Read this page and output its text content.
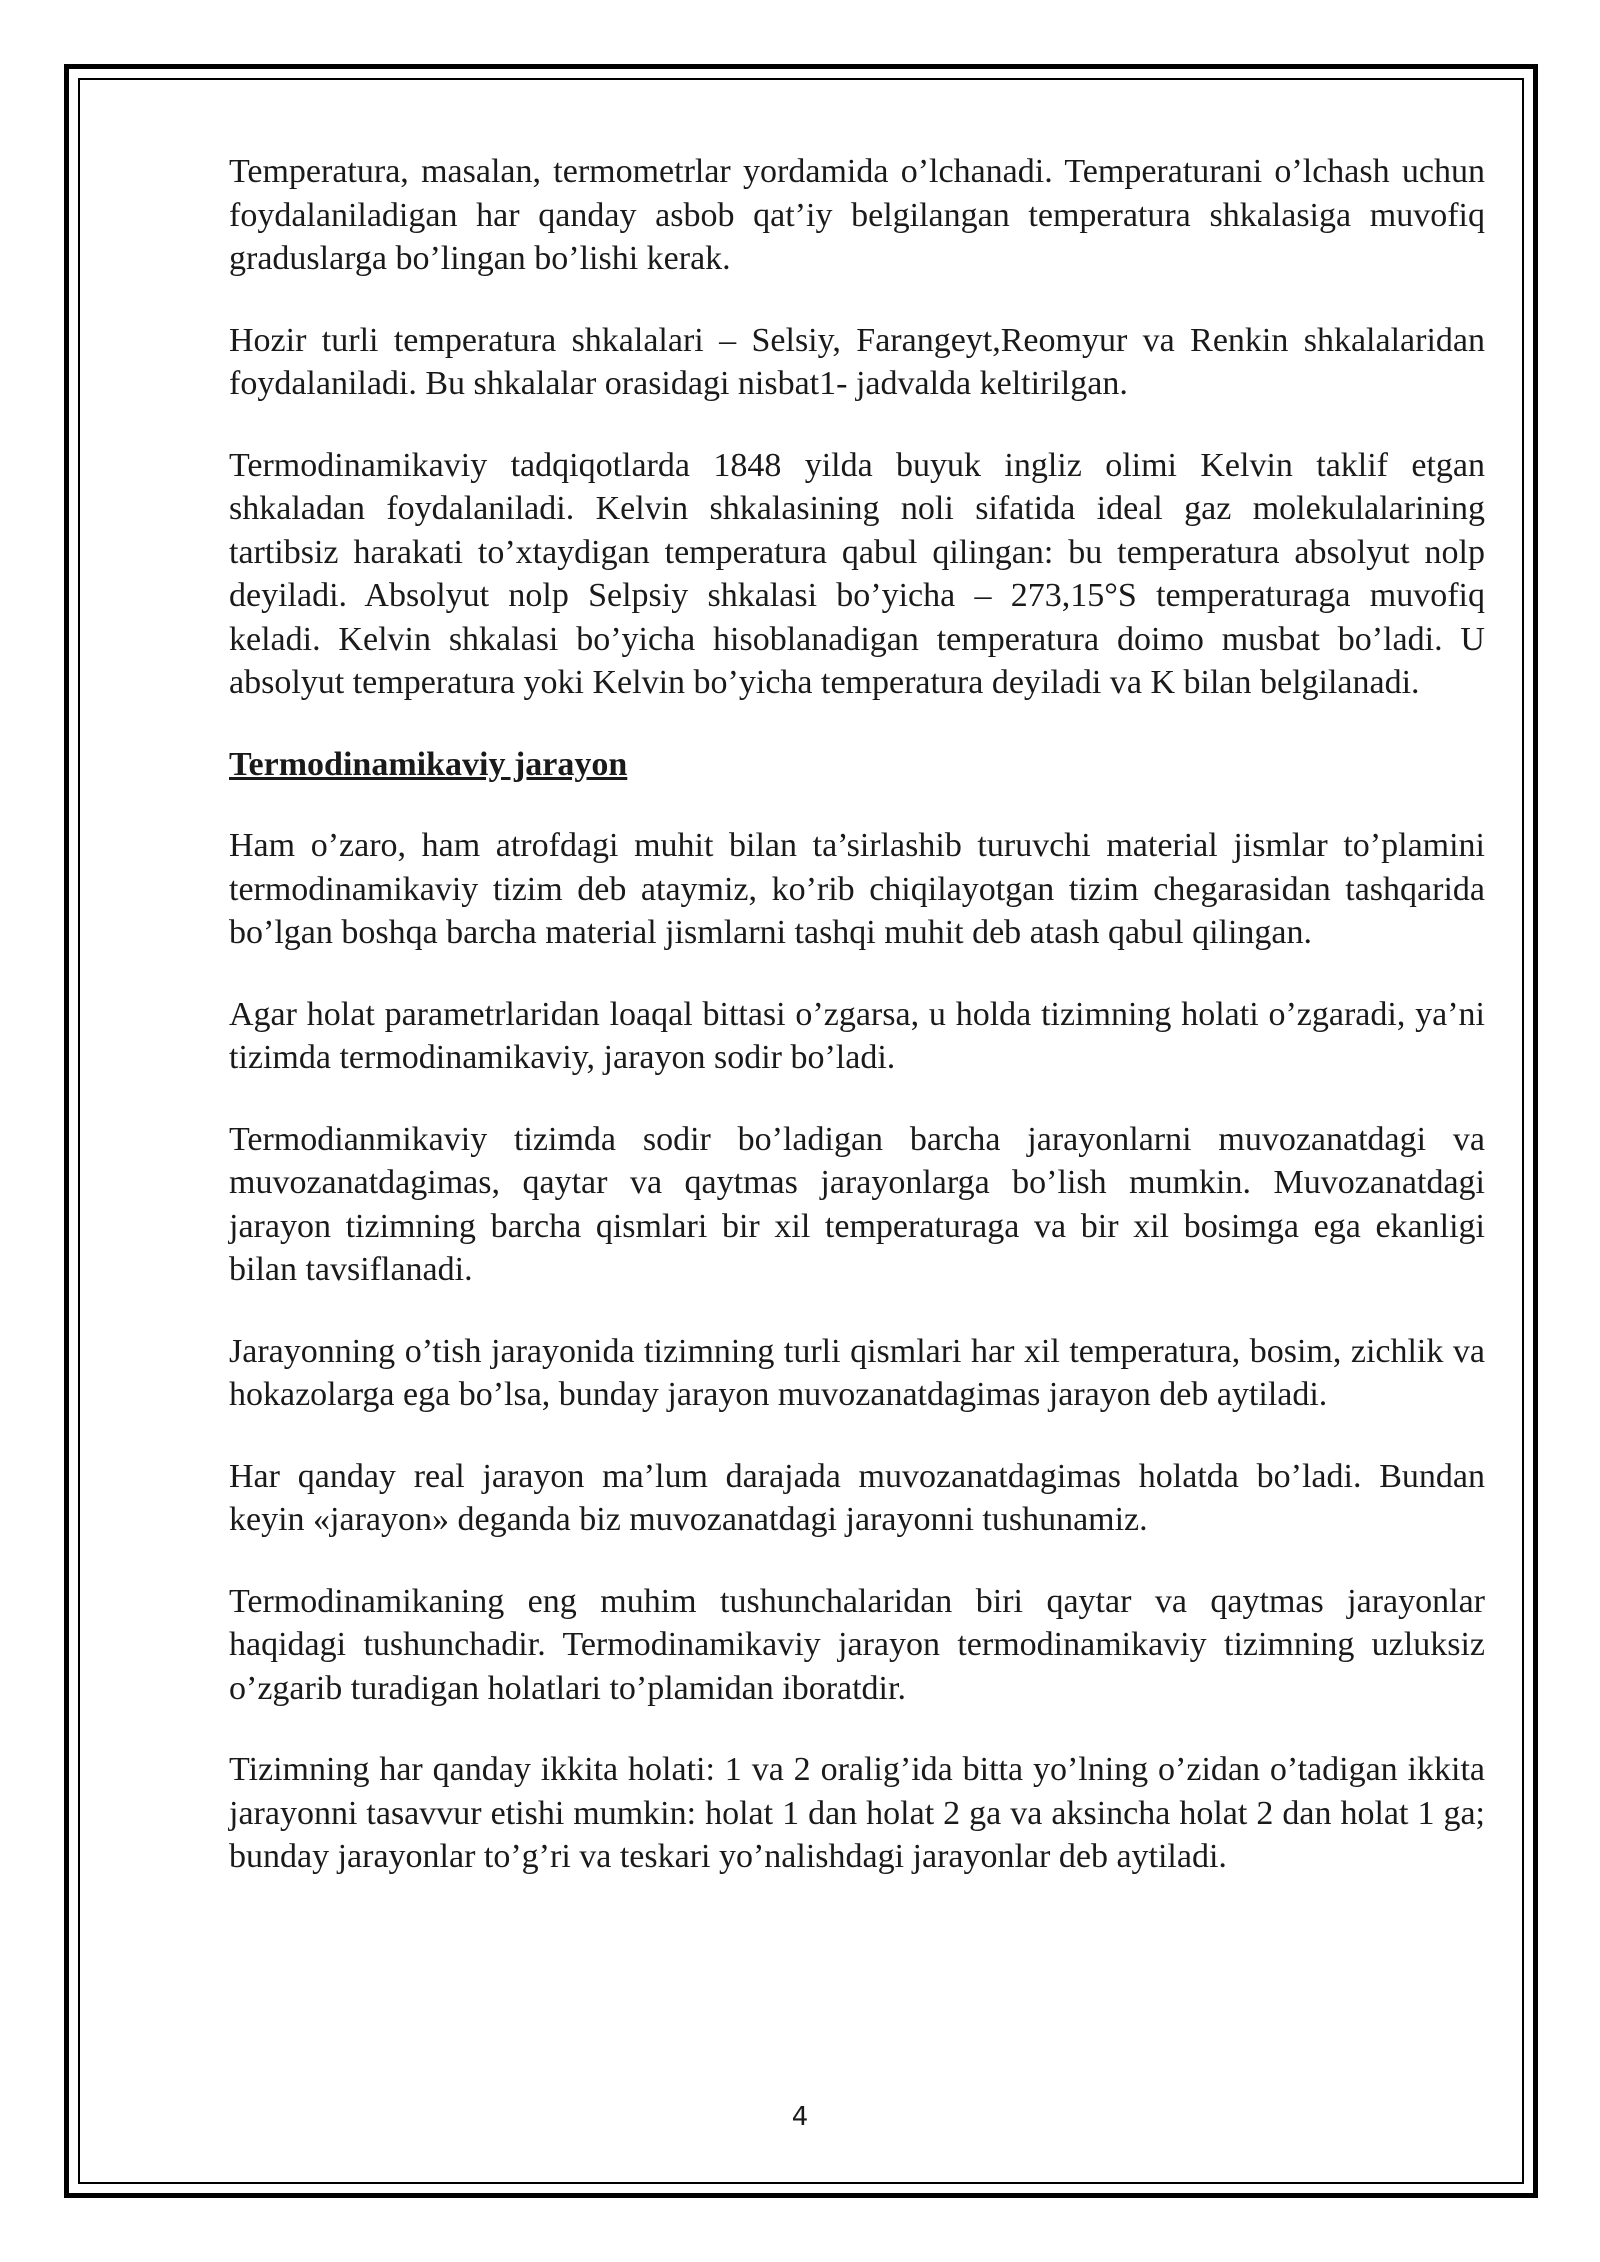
Temperatura, masalan, termometrlar yordamida o’lchanadi. Temperaturani o’lchash uchun foydalaniladigan har qanday asbob qat’iy belgilangan temperatura shkalasiga muvofiq graduslarga bo’lingan bo’lishi kerak.

Hozir turli temperatura shkalalari – Selsiy, Farangeyt,Reomyur va Renkin shkalalaridan foydalaniladi. Bu shkalalar orasidagi nisbat1- jadvalda keltirilgan.

Termodinamikaviy tadqiqotlarda 1848 yilda buyuk ingliz olimi Kelvin taklif etgan shkaladan foydalaniladi. Kelvin shkalasining noli sifatida ideal gaz molekulalarining tartibsiz harakati to’xtaydigan temperatura qabul qilingan: bu temperatura absolyut nolp deyiladi. Absolyut nolp Selpsiy shkalasi bo’yicha – 273,15°S temperaturaga muvofiq keladi. Kelvin shkalasi bo’yicha hisoblanadigan temperatura doimo musbat bo’ladi. U absolyut temperatura yoki Kelvin bo’yicha temperatura deyiladi va K bilan belgilanadi.

Termodinamikaviy jarayon

Ham o’zaro, ham atrofdagi muhit bilan ta’sirlashib turuvchi material jismlar to’plamini termodinamikaviy tizim deb ataymiz, ko’rib chiqilayotgan tizim chegarasidan tashqarida bo’lgan boshqa barcha material jismlarni tashqi muhit deb atash qabul qilingan.

Agar holat parametrlaridan loaqal bittasi o’zgarsa, u holda tizimning holati o’zgaradi, ya’ni tizimda termodinamikaviy, jarayon sodir bo’ladi.

Termodianmikaviy tizimda sodir bo’ladigan barcha jarayonlarni muvozanatdagi va muvozanatdagimas, qaytar va qaytmas jarayonlarga bo’lish mumkin. Muvozanatdagi jarayon tizimning barcha qismlari bir xil temperaturaga va bir xil bosimga ega ekanligi bilan tavsiflanadi.

Jarayonning o’tish jarayonida tizimning turli qismlari har xil temperatura, bosim, zichlik va hokazolarga ega bo’lsa, bunday jarayon muvozanatdagimas jarayon deb aytiladi.

Har qanday real jarayon ma’lum darajada muvozanatdagimas holatda bo’ladi. Bundan keyin «jarayon» deganda biz muvozanatdagi jarayonni tushunamiz.

Termodinamikaning eng muhim tushunchalaridan biri qaytar va qaytmas jarayonlar haqidagi tushunchadir. Termodinamikaviy jarayon termodinamikaviy tizimning uzluksiz o’zgarib turadigan holatlari to’plamidan iboratdir.

Tizimning har qanday ikkita holati: 1 va 2 oralig’ida bitta yo’lning o’zidan o’tadigan ikkita jarayonni tasavvur etishi mumkin: holat 1 dan holat 2 ga va aksincha holat 2 dan holat 1 ga; bunday jarayonlar to’g’ri va teskari yo’nalishdagi jarayonlar deb aytiladi.

4
